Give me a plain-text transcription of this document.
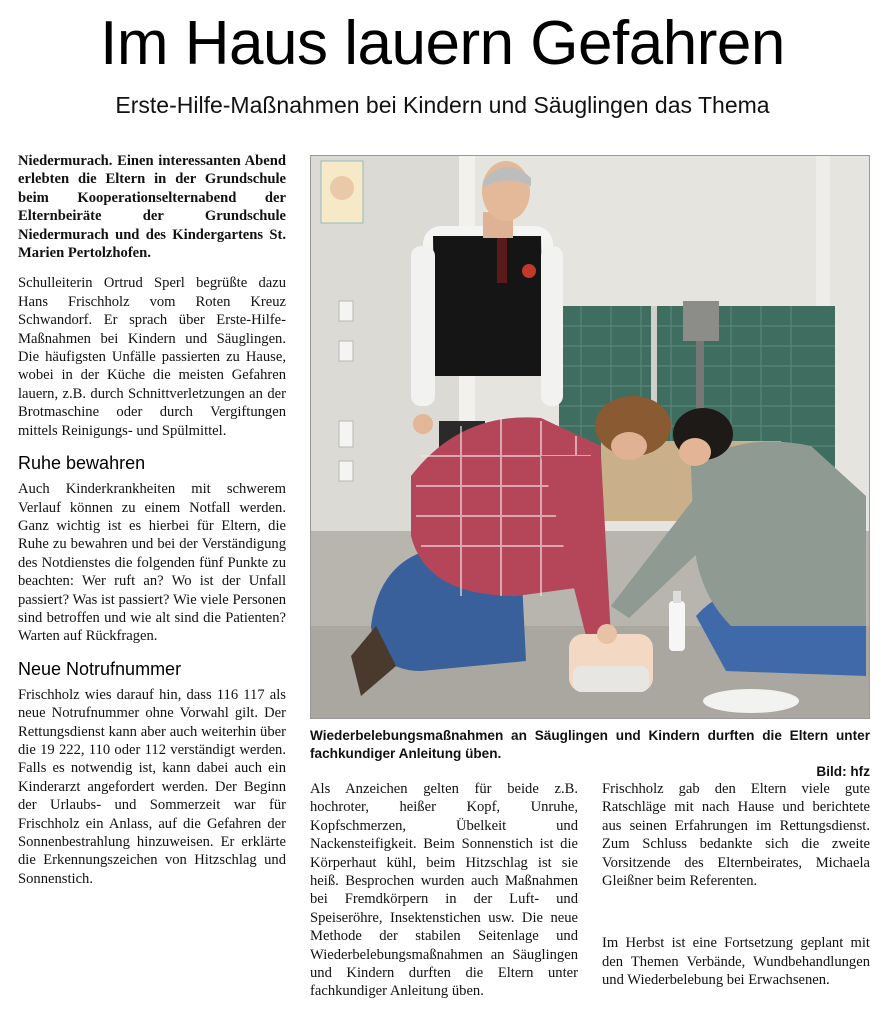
Im Haus lauern Gefahren
Erste-Hilfe-Maßnahmen bei Kindern und Säuglingen das Thema

Niedermurach. Einen interessanten Abend erlebten die Eltern in der Grundschule beim Kooperationselternabend der Elternbeiräte der Grundschule Niedermurach und des Kindergartens St. Marien Pertolzhofen.

Schulleiterin Ortrud Sperl begrüßte dazu Hans Frischholz vom Roten Kreuz Schwandorf. Er sprach über Erste-Hilfe-Maßnahmen bei Kindern und Säuglingen. Die häufigsten Unfälle passierten zu Hause, wobei in der Küche die meisten Gefahren lauern, z.B. durch Schnittverletzungen an der Brotmaschine oder durch Vergiftungen mittels Reinigungs- und Spülmittel.

Ruhe bewahren

Auch Kinderkrankheiten mit schwerem Verlauf können zu einem Notfall werden. Ganz wichtig ist es hierbei für Eltern, die Ruhe zu bewahren und bei der Verständigung des Notdienstes die folgenden fünf Punkte zu beachten: Wer ruft an? Wo ist der Unfall passiert? Was ist passiert? Wie viele Personen sind betroffen und wie alt sind die Patienten? Warten auf Rückfragen.

Neue Notrufnummer

Frischholz wies darauf hin, dass 116 117 als neue Notrufnummer ohne Vorwahl gilt. Der Rettungsdienst kann aber auch weiterhin über die 19 222, 110 oder 112 verständigt werden. Falls es notwendig ist, kann dabei auch ein Kinderarzt angefordert werden. Der Beginn der Urlaubs- und Sommerzeit war für Frischholz ein Anlass, auf die Gefahren der Sonnenbestrahlung hinzuweisen. Er erklärte die Erkennungszeichen von Hitzschlag und Sonnenstich.

Wiederbelebungsmaßnahmen an Säuglingen und Kindern durften die Eltern unter fachkundiger Anleitung üben.
Bild: hfz

Als Anzeichen gelten für beide z.B. hochroter, heißer Kopf, Unruhe, Kopfschmerzen, Übelkeit und Nackensteifigkeit. Beim Sonnenstich ist die Körperhaut kühl, beim Hitzschlag ist sie heiß. Besprochen wurden auch Maßnahmen bei Fremdkörpern in der Luft- und Speiseröhre, Insektenstichen usw. Die neue Methode der stabilen Seitenlage und Wiederbelebungsmaßnahmen an Säuglingen und Kindern durften die Eltern unter fachkundiger Anleitung üben.

Frischholz gab den Eltern viele gute Ratschläge mit nach Hause und berichtete aus seinen Erfahrungen im Rettungsdienst. Zum Schluss bedankte sich die zweite Vorsitzende des Elternbeirates, Michaela Gleißner beim Referenten.

Im Herbst ist eine Fortsetzung geplant mit den Themen Verbände, Wundbehandlungen und Wiederbelebung bei Erwachsenen.
